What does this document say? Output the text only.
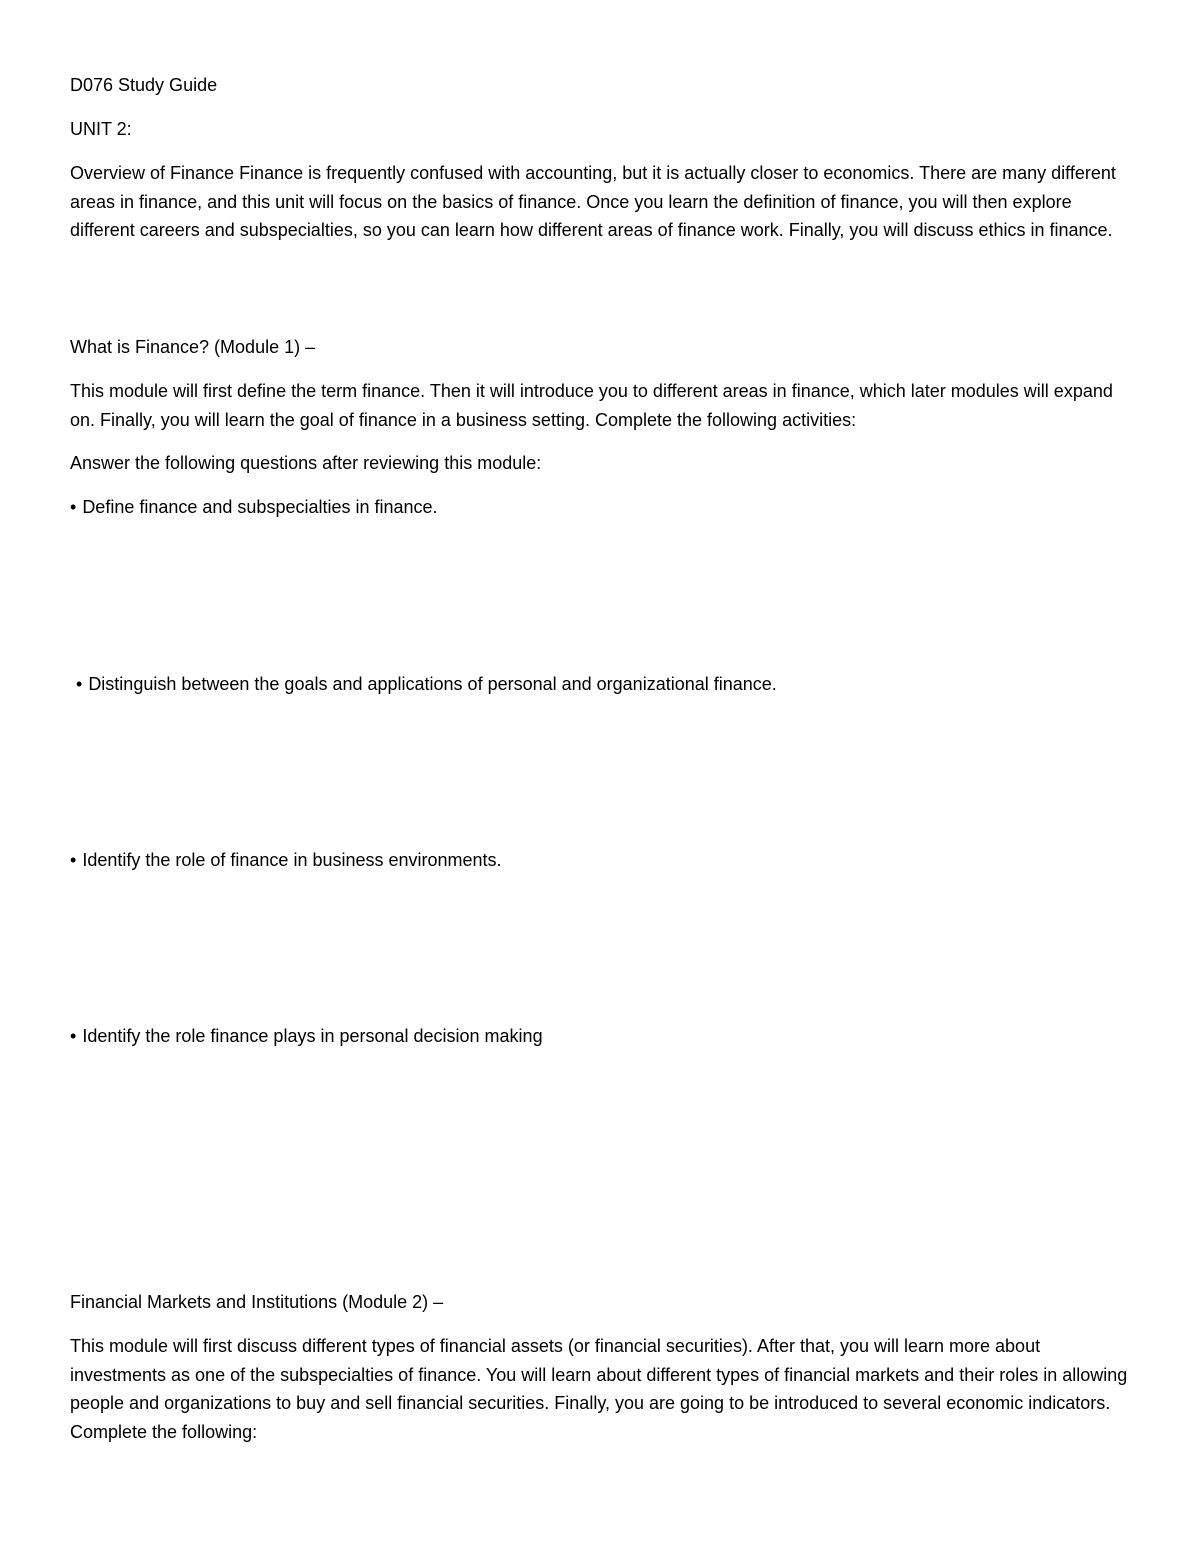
D076 Study Guide

UNIT 2:

Overview of Finance Finance is frequently confused with accounting, but it is actually closer to economics. There are many different areas in finance, and this unit will focus on the basics of finance. Once you learn the definition of finance, you will then explore different careers and subspecialties, so you can learn how different areas of finance work. Finally, you will discuss ethics in finance.

What is Finance? (Module 1) –

This module will first define the term finance. Then it will introduce you to different areas in finance, which later modules will expand on. Finally, you will learn the goal of finance in a business setting. Complete the following activities:

Answer the following questions after reviewing this module:

• Define finance and subspecialties in finance.

• Distinguish between the goals and applications of personal and organizational finance.

• Identify the role of finance in business environments.

• Identify the role finance plays in personal decision making

Financial Markets and Institutions (Module 2) –

This module will first discuss different types of financial assets (or financial securities). After that, you will learn more about investments as one of the subspecialties of finance. You will learn about different types of financial markets and their roles in allowing people and organizations to buy and sell financial securities. Finally, you are going to be introduced to several economic indicators. Complete the following:
